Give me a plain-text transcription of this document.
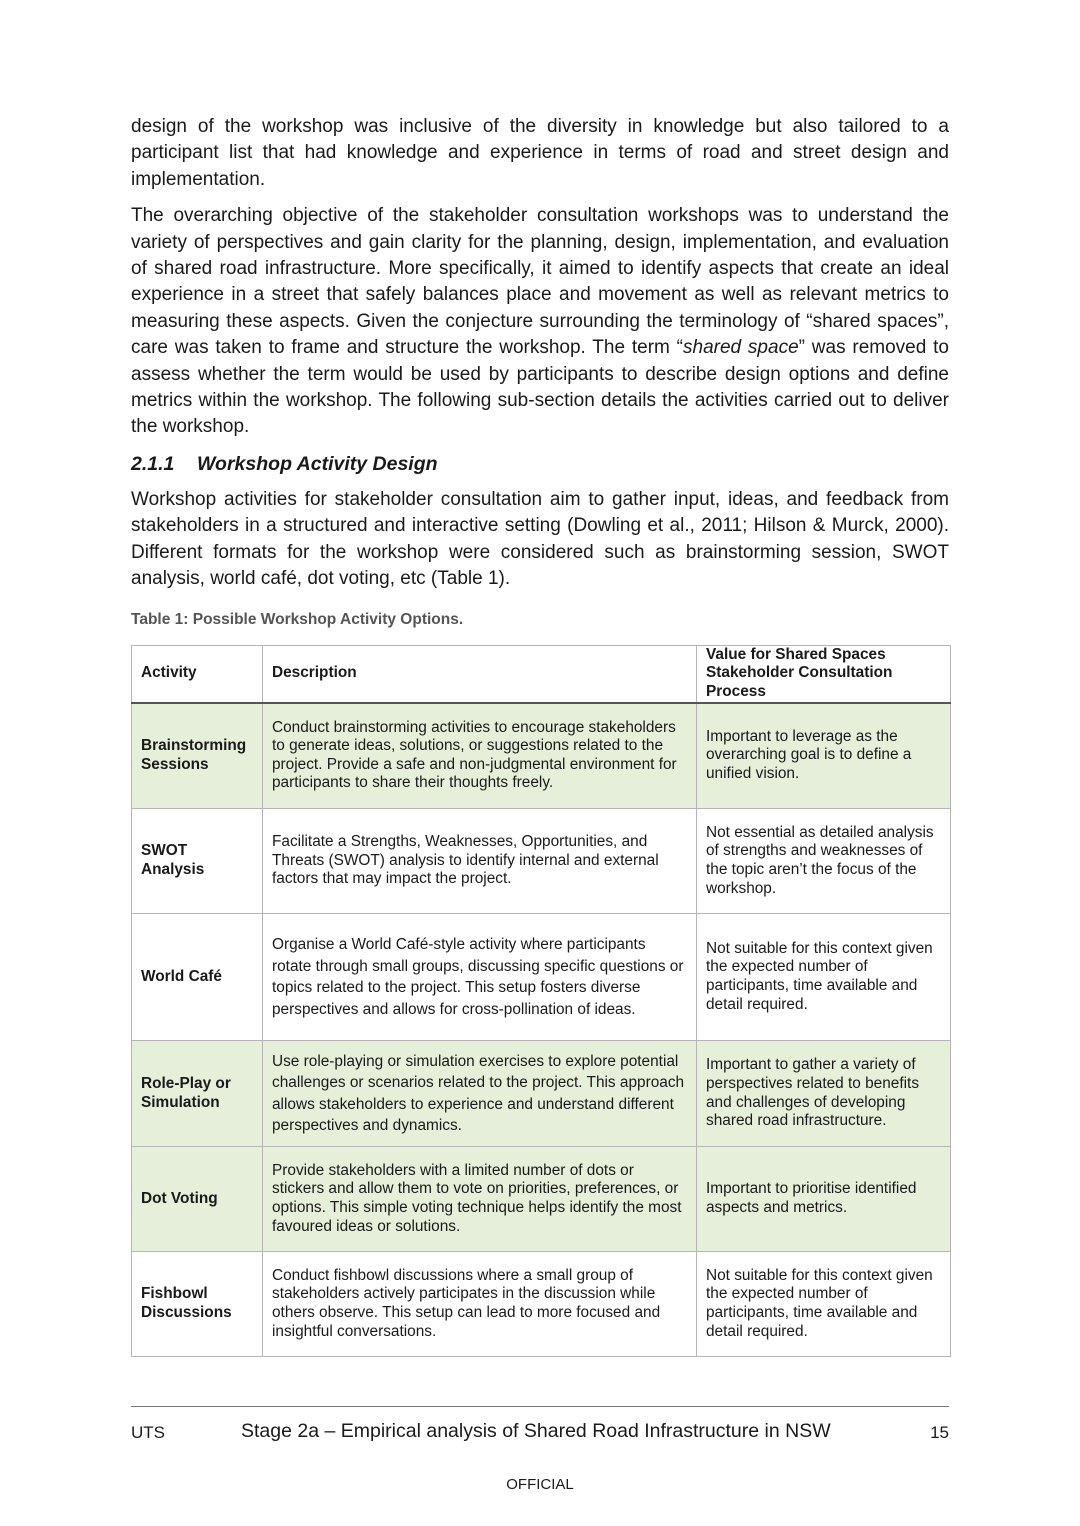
design of the workshop was inclusive of the diversity in knowledge but also tailored to a participant list that had knowledge and experience in terms of road and street design and implementation.

The overarching objective of the stakeholder consultation workshops was to understand the variety of perspectives and gain clarity for the planning, design, implementation, and evaluation of shared road infrastructure. More specifically, it aimed to identify aspects that create an ideal experience in a street that safely balances place and movement as well as relevant metrics to measuring these aspects. Given the conjecture surrounding the terminology of “shared spaces”, care was taken to frame and structure the workshop. The term “shared space” was removed to assess whether the term would be used by participants to describe design options and define metrics within the workshop. The following sub-section details the activities carried out to deliver the workshop.

2.1.1 Workshop Activity Design

Workshop activities for stakeholder consultation aim to gather input, ideas, and feedback from stakeholders in a structured and interactive setting (Dowling et al., 2011; Hilson & Murck, 2000). Different formats for the workshop were considered such as brainstorming session, SWOT analysis, world café, dot voting, etc (Table 1).

Table 1: Possible Workshop Activity Options.
Activity	Description	Value for Shared Spaces Stakeholder Consultation Process
Brainstorming Sessions	Conduct brainstorming activities to encourage stakeholders to generate ideas, solutions, or suggestions related to the project. Provide a safe and non-judgmental environment for participants to share their thoughts freely.	Important to leverage as the overarching goal is to define a unified vision.
SWOT Analysis	Facilitate a Strengths, Weaknesses, Opportunities, and Threats (SWOT) analysis to identify internal and external factors that may impact the project.	Not essential as detailed analysis of strengths and weaknesses of the topic aren’t the focus of the workshop.
World Café	Organise a World Café-style activity where participants rotate through small groups, discussing specific questions or topics related to the project. This setup fosters diverse perspectives and allows for cross-pollination of ideas.	Not suitable for this context given the expected number of participants, time available and detail required.
Role-Play or Simulation	Use role-playing or simulation exercises to explore potential challenges or scenarios related to the project. This approach allows stakeholders to experience and understand different perspectives and dynamics.	Important to gather a variety of perspectives related to benefits and challenges of developing shared road infrastructure.
Dot Voting	Provide stakeholders with a limited number of dots or stickers and allow them to vote on priorities, preferences, or options. This simple voting technique helps identify the most favoured ideas or solutions.	Important to prioritise identified aspects and metrics.
Fishbowl Discussions	Conduct fishbowl discussions where a small group of stakeholders actively participates in the discussion while others observe. This setup can lead to more focused and insightful conversations.	Not suitable for this context given the expected number of participants, time available and detail required.
UTS	Stage 2a – Empirical analysis of Shared Road Infrastructure in NSW	15
OFFICIAL
